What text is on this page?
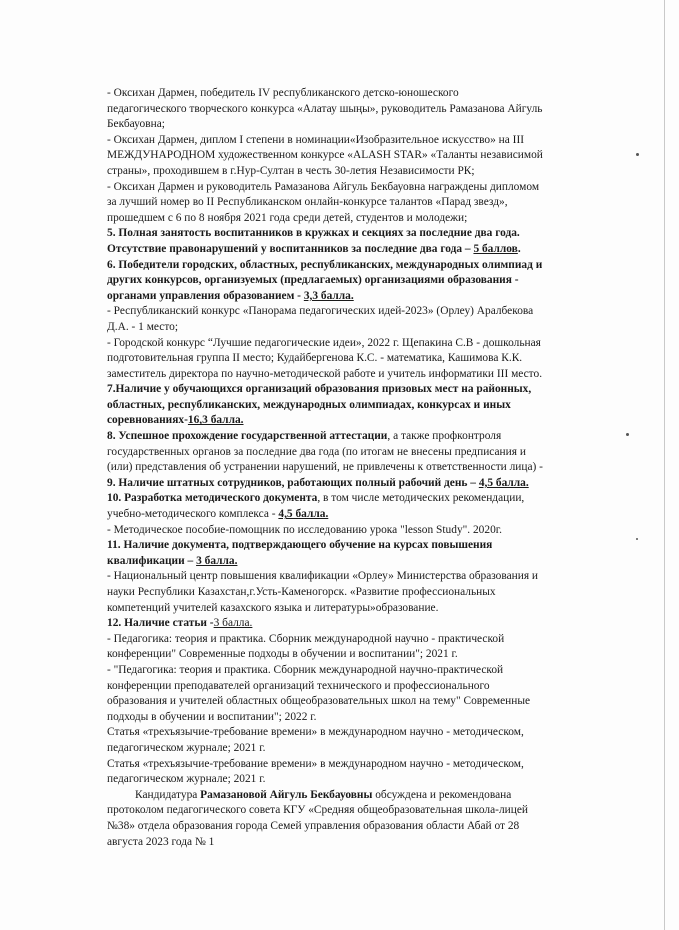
- Оксихан Дармен, победитель IV республиканского детско-юношеского
педагогического творческого конкурса «Алатау шыңы», руководитель Рамазанова Айгуль
Бекбауовна;
- Оксихан Дармен, диплом I степени в номинации«Изобразительное искусство» на III
МЕЖДУНАРОДНОМ художественном конкурсе «ALASH STAR» «Таланты независимой
страны», проходившем в г.Нур-Султан в честь 30-летия Независимости РК;
- Оксихан Дармен и руководитель Рамазанова Айгуль Бекбауовна награждены дипломом
за лучший номер во II Республиканском онлайн-конкурсе талантов «Парад звезд»,
прошедшем с 6 по 8 ноября 2021 года среди детей, студентов и молодежи;
5. Полная занятость воспитанников в кружках и секциях за последние два года.
Отсутствие правонарушений у воспитанников за последние два года – 5 баллов.
6. Победители городских, областных, республиканских, международных олимпиад и
других конкурсов, организуемых (предлагаемых) организациями образования -
органами управления образованием - 3,3 балла.
- Республиканский конкурс «Панорама педагогических идей-2023» (Орлеу) Аралбекова
Д.А. - 1 место;
- Городской конкурс “Лучшие педагогические идеи», 2022 г. Щепакина С.В - дошкольная
подготовительная группа II место; Кудайбергенова К.С. - математика, Кашимова К.К.
заместитель директора по научно-методической работе и учитель информатики III место.
7.Наличие у обучающихся организаций образования призовых мест на районных,
областных, республиканских, международных олимпиадах, конкурсах и иных
соревнованиях-16,3 балла.
8. Успешное прохождение государственной аттестации, а также профконтроля
государственных органов за последние два года (по итогам не внесены предписания и
(или) представления об устранении нарушений, не привлечены к ответственности лица) -
9. Наличие штатных сотрудников, работающих полный рабочий день – 4,5 балла.
10. Разработка методического документа, в том числе методических рекомендации,
учебно-методического комплекса - 4,5 балла.
- Методическое пособие-помощник по исследованию урока "lesson Study". 2020г.
11. Наличие документа, подтверждающего обучение на курсах повышения
квалификации – 3 балла.
- Национальный центр повышения квалификации «Орлеу» Министерства образования и
науки Республики Казахстан,г.Усть-Каменогорск. «Развитие профессиональных
компетенций учителей казахского языка и литературы»образование.
12. Наличие статьи -3 балла.
- Педагогика: теория и практика. Сборник международной научно - практической
конференции" Современные подходы в обучении и воспитании"; 2021 г.
- "Педагогика: теория и практика. Сборник международной научно-практической
конференции преподавателей организаций технического и профессионального
образования и учителей областных общеобразовательных школ на тему" Современные
подходы в обучении и воспитании"; 2022 г.
Статья «трехъязычие-требование времени» в международном научно - методическом,
педагогическом журнале; 2021 г.
Статья «трехъязычие-требование времени» в международном научно - методическом,
педагогическом журнале; 2021 г.
Кандидатура Рамазановой Айгуль Бекбауовны обсуждена и рекомендована
протоколом педагогического совета КГУ «Средняя общеобразовательная школа-лицей
№38» отдела образования города Семей управления образования области Абай от 28
августа 2023 года № 1
